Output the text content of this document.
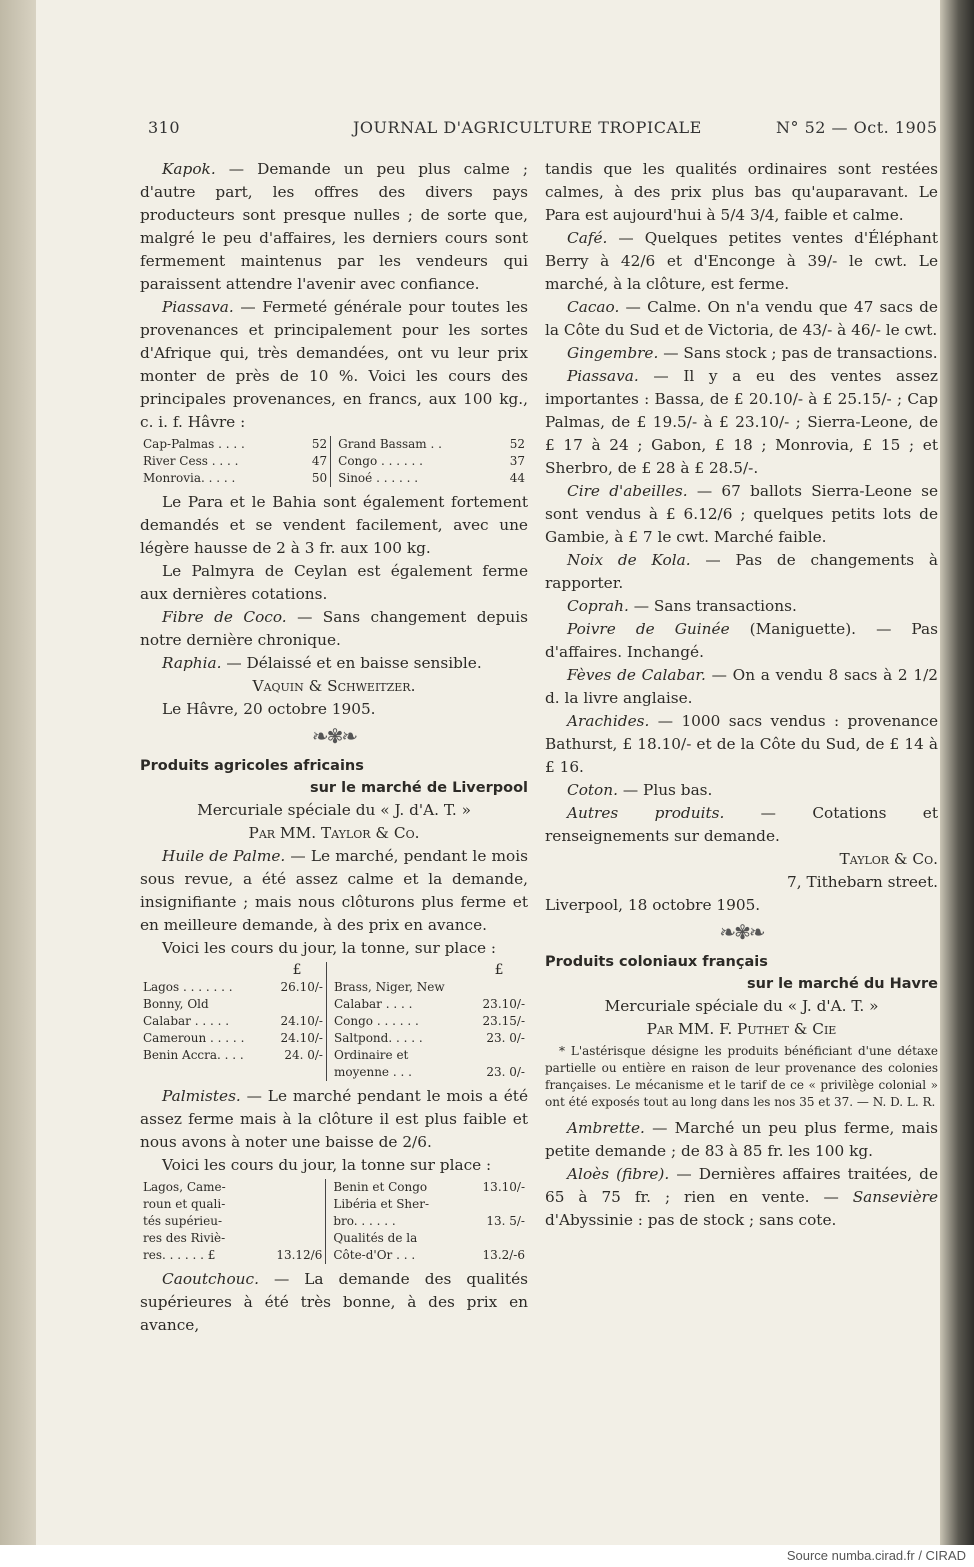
310	JOURNAL D'AGRICULTURE TROPICALE	N° 52 — Oct. 1905

Kapok. — Demande un peu plus calme ; d'autre part, les offres des divers pays producteurs sont presque nulles ; de sorte que, malgré le peu d'affaires, les derniers cours sont fermement maintenus par les vendeurs qui paraissent attendre l'avenir avec confiance.

Piassava. — Fermeté générale pour toutes les provenances et principalement pour les sortes d'Afrique qui, très demandées, ont vu leur prix monter de près de 10 %. Voici les cours des principales provenances, en francs, aux 100 kg., c. i. f. Hâvre :

Cap-Palmas . . . .	52		Grand Bassam . .	52
River Cess . . . .	47		Congo . . . . . .	37
Monrovia. . . . .	50		Sinoé . . . . . .	44

Le Para et le Bahia sont également fortement demandés et se vendent facilement, avec une légère hausse de 2 à 3 fr. aux 100 kg.

Le Palmyra de Ceylan est également ferme aux dernières cotations.

Fibre de Coco. — Sans changement depuis notre dernière chronique.

Raphia. — Délaissé et en baisse sensible.

Vaquin & Schweitzer.

Le Hâvre, 20 octobre 1905.

❧✾❧
Produits agricoles africains
sur le marché de Liverpool

Mercuriale spéciale du « J. d'A. T. »

Par MM. Taylor & Co.

Huile de Palme. — Le marché, pendant le mois sous revue, a été assez calme et la demande, insignifiante ; mais nous clôturons plus ferme et en meilleure demande, à des prix en avance.

Voici les cours du jour, la tonne, sur place :

	£			£
Lagos . . . . . . .	26.10/-		Brass, Niger, New	
Bonny, Old			Calabar . . . .	23.10/-
Calabar . . . . .	24.10/-		Congo . . . . . .	23.15/-
Cameroun . . . . .	24.10/-		Saltpond. . . . .	23. 0/-
Benin Accra. . . .	24. 0/-		Ordinaire et	
			moyenne . . .	23. 0/-

Palmistes. — Le marché pendant le mois a été assez ferme mais à la clôture il est plus faible et nous avons à noter une baisse de 2/6.

Voici les cours du jour, la tonne sur place :

Lagos, Came-			Benin et Congo	13.10/-
roun et quali-			Libéria et Sher-	
tés supérieu-			bro. . . . . .	13. 5/-
res des Riviè-			Qualités de la	
res. . . . . . £	13.12/6		Côte-d'Or . . .	13.2/-6

Caoutchouc. — La demande des qualités supérieures à été très bonne, à des prix en avance,

tandis que les qualités ordinaires sont restées calmes, à des prix plus bas qu'auparavant. Le Para est aujourd'hui à 5/4 3/4, faible et calme.

Café. — Quelques petites ventes d'Éléphant Berry à 42/6 et d'Enconge à 39/- le cwt. Le marché, à la clôture, est ferme.

Cacao. — Calme. On n'a vendu que 47 sacs de la Côte du Sud et de Victoria, de 43/- à 46/- le cwt.

Gingembre. — Sans stock ; pas de transactions.

Piassava. — Il y a eu des ventes assez importantes : Bassa, de £ 20.10/- à £ 25.15/- ; Cap Palmas, de £ 19.5/- à £ 23.10/- ; Sierra-Leone, de £ 17 à 24 ; Gabon, £ 18 ; Monrovia, £ 15 ; et Sherbro, de £ 28 à £ 28.5/-.

Cire d'abeilles. — 67 ballots Sierra-Leone se sont vendus à £ 6.12/6 ; quelques petits lots de Gambie, à £ 7 le cwt. Marché faible.

Noix de Kola. — Pas de changements à rapporter.

Coprah. — Sans transactions.

Poivre de Guinée (Maniguette). — Pas d'affaires. Inchangé.

Fèves de Calabar. — On a vendu 8 sacs à 2 1/2 d. la livre anglaise.

Arachides. — 1000 sacs vendus : provenance Bathurst, £ 18.10/- et de la Côte du Sud, de £ 14 à £ 16.

Coton. — Plus bas.

Autres produits. — Cotations et renseignements sur demande.

Taylor & Co.

7, Tithebarn street.

Liverpool, 18 octobre 1905.

❧✾❧
Produits coloniaux français
sur le marché du Havre

Mercuriale spéciale du « J. d'A. T. »

Par MM. F. Puthet & Cie

* L'astérisque désigne les produits bénéficiant d'une détaxe partielle ou entière en raison de leur provenance des colonies françaises. Le mécanisme et le tarif de ce « privilège colonial » ont été exposés tout au long dans les nos 35 et 37. — N. D. L. R.

Ambrette. — Marché un peu plus ferme, mais petite demande ; de 83 à 85 fr. les 100 kg.

Aloès (fibre). — Dernières affaires traitées, de 65 à 75 fr. ; rien en vente. — Sansevière d'Abyssinie : pas de stock ; sans cote.

Source numba.cirad.fr / CIRAD
